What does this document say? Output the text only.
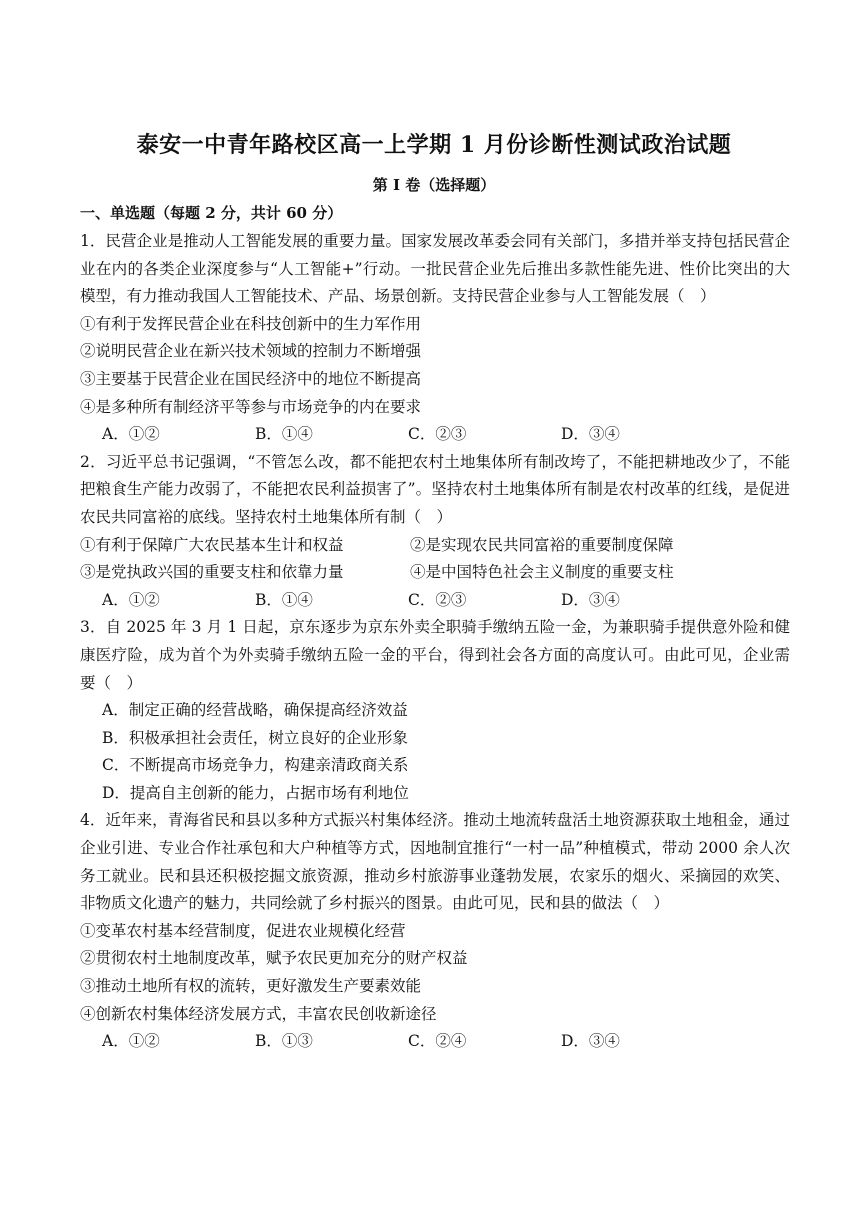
泰安一中青年路校区高一上学期 1 月份诊断性测试政治试题
第 I 卷（选择题）
一、单选题（每题 2 分，共计 60 分）

1．民营企业是推动人工智能发展的重要力量。国家发展改革委会同有关部门，多措并举支持包括民营企业在内的各类企业深度参与“人工智能+”行动。一批民营企业先后推出多款性能先进、性价比突出的大模型，有力推动我国人工智能技术、产品、场景创新。支持民营企业参与人工智能发展（　）

①有利于发挥民营企业在科技创新中的生力军作用

②说明民营企业在新兴技术领域的控制力不断增强

③主要基于民营企业在国民经济中的地位不断提高

④是多种所有制经济平等参与市场竞争的内在要求

A．①②	B．①④	C．②③	D．③④

2．习近平总书记强调，“不管怎么改，都不能把农村土地集体所有制改垮了，不能把耕地改少了，不能把粮食生产能力改弱了，不能把农民利益损害了”。坚持农村土地集体所有制是农村改革的红线，是促进农民共同富裕的底线。坚持农村土地集体所有制（　）

①有利于保障广大农民基本生计和权益	②是实现农民共同富裕的重要制度保障
③是党执政兴国的重要支柱和依靠力量	④是中国特色社会主义制度的重要支柱
A．①②	B．①④	C．②③	D．③④

3．自 2025 年 3 月 1 日起，京东逐步为京东外卖全职骑手缴纳五险一金，为兼职骑手提供意外险和健康医疗险，成为首个为外卖骑手缴纳五险一金的平台，得到社会各方面的高度认可。由此可见，企业需要（　）

A．制定正确的经营战略，确保提高经济效益

B．积极承担社会责任，树立良好的企业形象

C．不断提高市场竞争力，构建亲清政商关系

D．提高自主创新的能力，占据市场有利地位

4．近年来，青海省民和县以多种方式振兴村集体经济。推动土地流转盘活土地资源获取土地租金，通过企业引进、专业合作社承包和大户种植等方式，因地制宜推行“一村一品”种植模式，带动 2000 余人次务工就业。民和县还积极挖掘文旅资源，推动乡村旅游事业蓬勃发展，农家乐的烟火、采摘园的欢笑、非物质文化遗产的魅力，共同绘就了乡村振兴的图景。由此可见，民和县的做法（　）

①变革农村基本经营制度，促进农业规模化经营

②贯彻农村土地制度改革，赋予农民更加充分的财产权益

③推动土地所有权的流转，更好激发生产要素效能

④创新农村集体经济发展方式，丰富农民创收新途径

A．①②	B．①③	C．②④	D．③④
